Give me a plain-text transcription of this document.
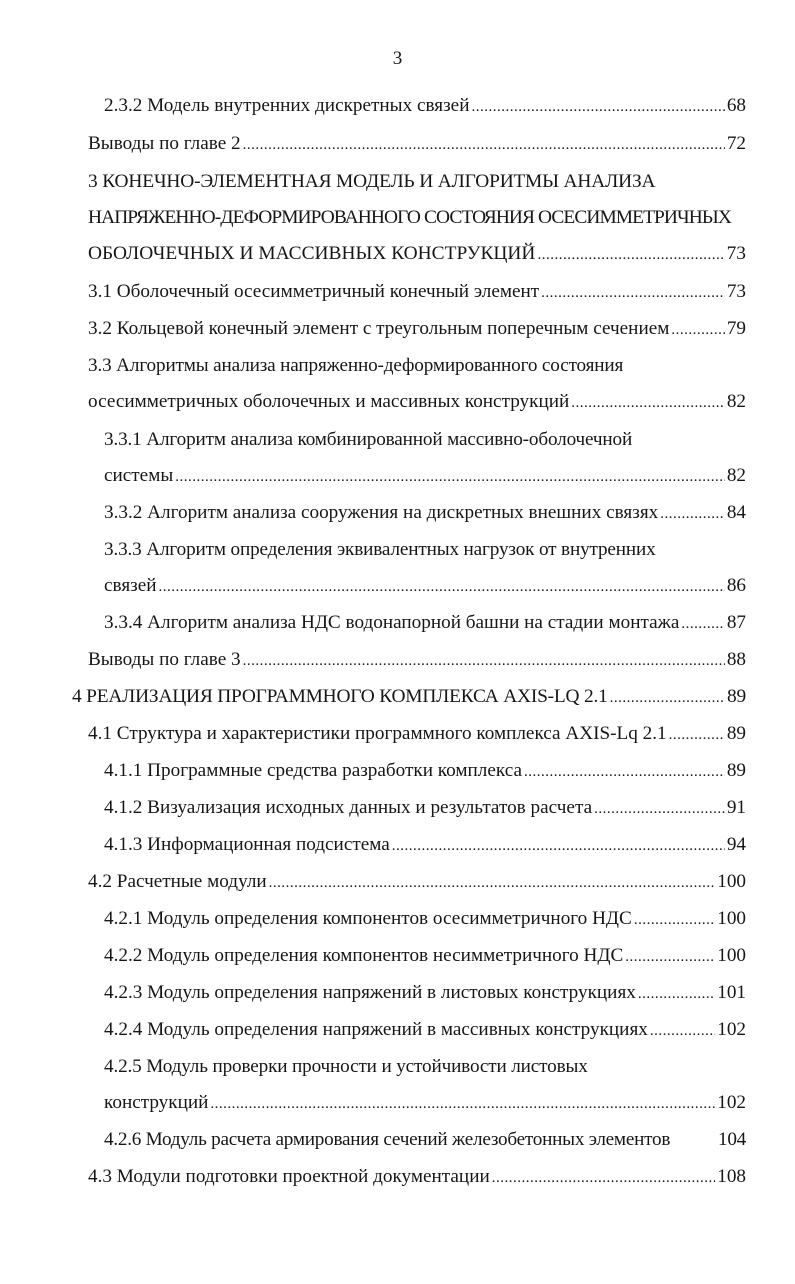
3
2.3.2 Модель внутренних дискретных связей .....	68
Выводы по главе 2 .....	72
3 КОНЕЧНО-ЭЛЕМЕНТНАЯ МОДЕЛЬ И АЛГОРИТМЫ АНАЛИЗА
НАПРЯЖЕННО-ДЕФОРМИРОВАННОГО СОСТОЯНИЯ ОСЕСИММЕТРИЧНЫХ
ОБОЛОЧЕЧНЫХ И МАССИВНЫХ КОНСТРУКЦИЙ .....	73
3.1 Оболочечный осесимметричный конечный элемент .....	73
3.2 Кольцевой конечный элемент с треугольным поперечным сечением .....	79
3.3 Алгоритмы анализа напряженно-деформированного состояния
осесимметричных оболочечных и массивных конструкций .....	82
3.3.1 Алгоритм анализа комбинированной массивно-оболочечной
системы .....	82
3.3.2 Алгоритм анализа сооружения на дискретных внешних связях .....	84
3.3.3 Алгоритм определения эквивалентных нагрузок от внутренних
связей .....	86
3.3.4 Алгоритм анализа НДС водонапорной башни на стадии монтажа ..... 87
Выводы по главе 3 .....	88
4 РЕАЛИЗАЦИЯ ПРОГРАММНОГО КОМПЛЕКСА AXIS-LQ 2.1 .....	89
4.1 Структура и характеристики программного комплекса AXIS-Lq 2.1 .....	89
4.1.1 Программные средства разработки комплекса .....	89
4.1.2 Визуализация исходных данных и результатов расчета .....	91
4.1.3 Информационная подсистема .....	94
4.2 Расчетные модули .....	100
4.2.1 Модуль определения компонентов осесимметричного НДС .....	100
4.2.2 Модуль определения компонентов несимметричного НДС .....	100
4.2.3 Модуль определения напряжений в листовых конструкциях .....	101
4.2.4 Модуль определения напряжений в массивных конструкциях .....	102
4.2.5 Модуль проверки прочности и устойчивости листовых
конструкций .....	102
4.2.6 Модуль расчета армирования сечений железобетонных элементов 104
4.3 Модули подготовки проектной документации .....	108
